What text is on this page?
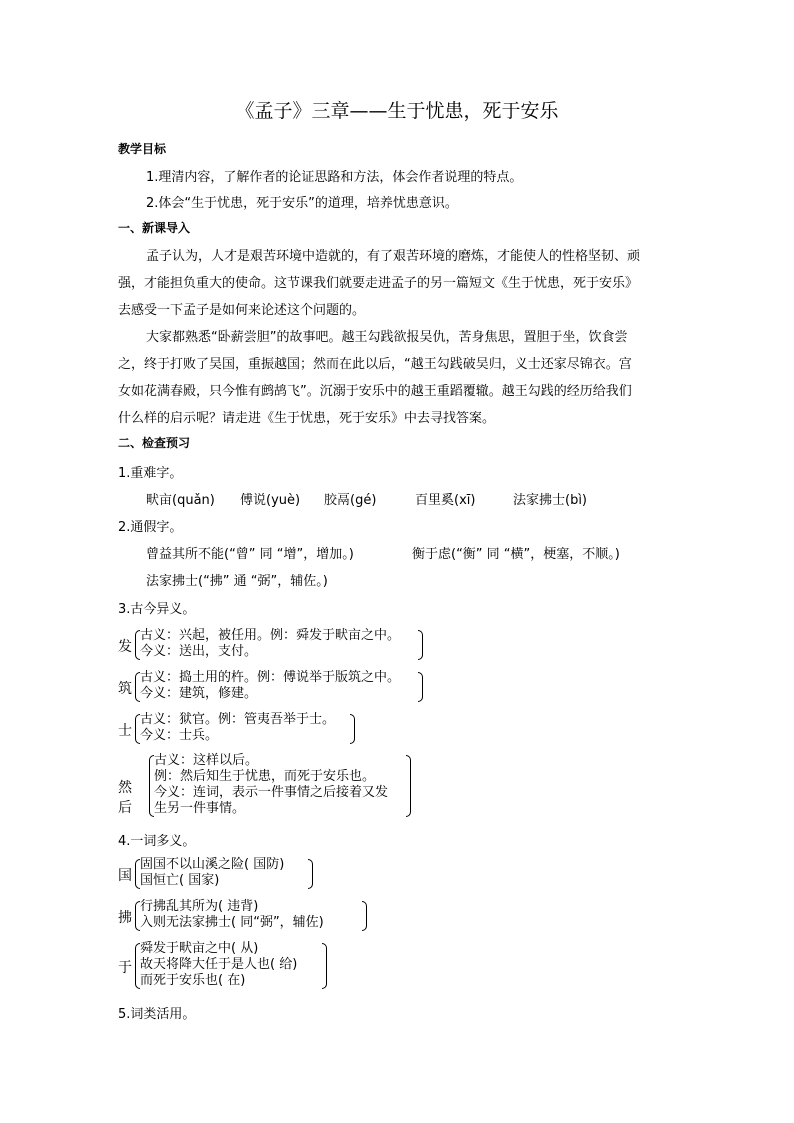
《孟子》三章——生于忧患，死于安乐
教学目标
1.理清内容，了解作者的论证思路和方法，体会作者说理的特点。
2.体会“生于忧患，死于安乐”的道理，培养忧患意识。
一、新课导入
孟子认为，人才是艰苦环境中造就的，有了艰苦环境的磨炼，才能使人的性格坚韧、顽
强，才能担负重大的使命。这节课我们就要走进孟子的另一篇短文《生于忧患，死于安乐》
去感受一下孟子是如何来论述这个问题的。
大家都熟悉“卧薪尝胆”的故事吧。越王勾践欲报吴仇，苦身焦思，置胆于坐，饮食尝
之，终于打败了吴国，重振越国；然而在此以后，“越王勾践破吴归，义士还家尽锦衣。宫
女如花满春殿，只今惟有鹧鸪飞”。沉溺于安乐中的越王重蹈覆辙。越王勾践的经历给我们
什么样的启示呢？请走进《生于忧患，死于安乐》中去寻找答案。
二、检查预习
1.重难字。
畎亩(quǎn) 傅说(yuè) 胶鬲(gé)	百里奚(xī)	法家拂士(bì)
2.通假字。
曾益其所不能(“曾” 同 “增”，增加。)	衡于虑(“衡” 同 “横”，梗塞，不顺。)
法家拂士(“拂” 通 “弼”，辅佐。)
3.古今异义。
发
古义：兴起，被任用。例：舜发于畎亩之中。
今义：送出，支付。
筑
古义：捣土用的杵。例：傅说举于版筑之中。
今义：建筑，修建。
士
古义：狱官。例：管夷吾举于士。
今义：士兵。
然后
古义：这样以后。
例：然后知生于忧患，而死于安乐也。
今义：连词，表示一件事情之后接着又发
生另一件事情。
4.一词多义。
国
固国不以山溪之险( 国防)
国恒亡( 国家)
拂
行拂乱其所为( 违背)
入则无法家拂士( 同“弼”，辅佐)
于
舜发于畎亩之中( 从)
故天将降大任于是人也( 给)
而死于安乐也( 在)
5.词类活用。
